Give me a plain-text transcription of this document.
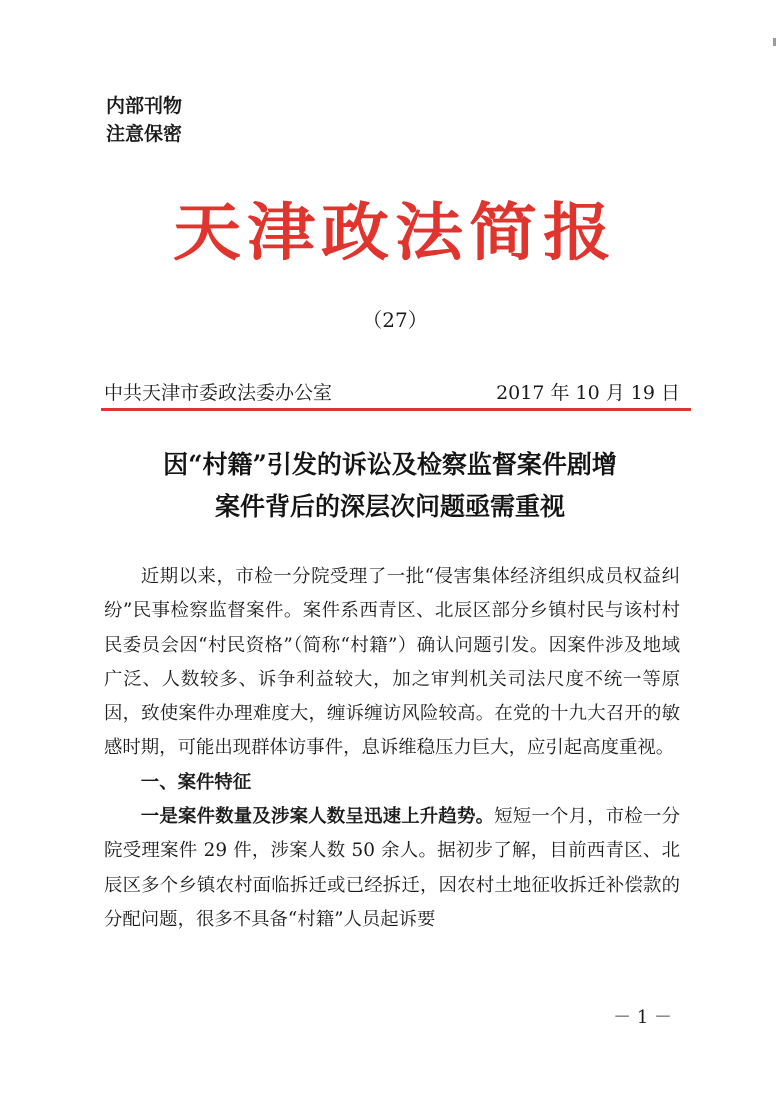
内部刊物
注意保密
天津政法简报
（27）
中共天津市委政法委办公室	2017 年 10 月 19 日
因“村籍”引发的诉讼及检察监督案件剧增
案件背后的深层次问题亟需重视

近期以来，市检一分院受理了一批“侵害集体经济组织成员权益纠纷”民事检察监督案件。案件系西青区、北辰区部分乡镇村民与该村村民委员会因“村民资格”（简称“村籍”）确认问题引发。因案件涉及地域广泛、人数较多、诉争利益较大，加之审判机关司法尺度不统一等原因，致使案件办理难度大，缠诉缠访风险较高。在党的十九大召开的敏感时期，可能出现群体访事件，息诉维稳压力巨大，应引起高度重视。

一、案件特征

一是案件数量及涉案人数呈迅速上升趋势。短短一个月，市检一分院受理案件 29 件，涉案人数 50 余人。据初步了解，目前西青区、北辰区多个乡镇农村面临拆迁或已经拆迁，因农村土地征收拆迁补偿款的分配问题，很多不具备“村籍”人员起诉要

－ 1 －
